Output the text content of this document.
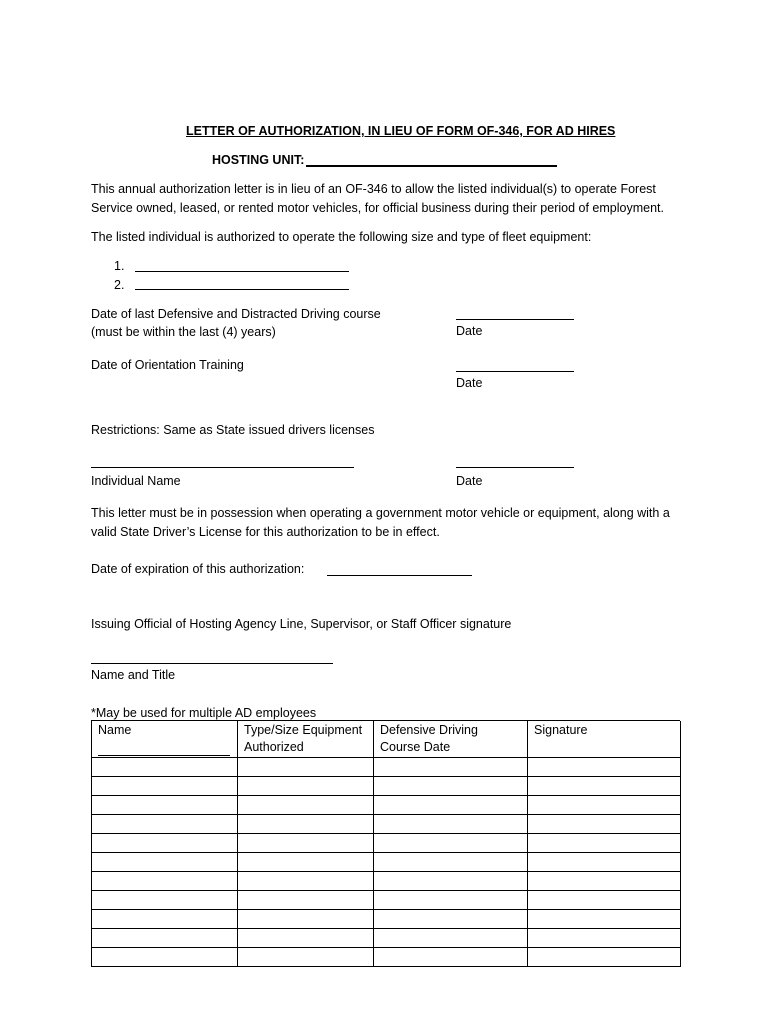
LETTER OF AUTHORIZATION, IN LIEU OF FORM OF-346, FOR AD HIRES
HOSTING UNIT:
This annual authorization letter is in lieu of an OF-346 to allow the listed individual(s) to operate Forest Service owned, leased, or rented motor vehicles, for official business during their period of employment.
The listed individual is authorized to operate the following size and type of fleet equipment:
1.
2.
Date of last Defensive and Distracted Driving course
(must be within the last (4) years)	Date
Date of Orientation Training
Date
Restrictions: Same as State issued drivers licenses
Individual Name	Date
This letter must be in possession when operating a government motor vehicle or equipment, along with a valid State Driver’s License for this authorization to be in effect.
Date of expiration of this authorization:
Issuing Official of Hosting Agency Line, Supervisor, or Staff Officer signature
Name and Title
*May be used for multiple AD employees
Name	Type/Size Equipment Authorized	Defensive Driving Course Date	Signature
